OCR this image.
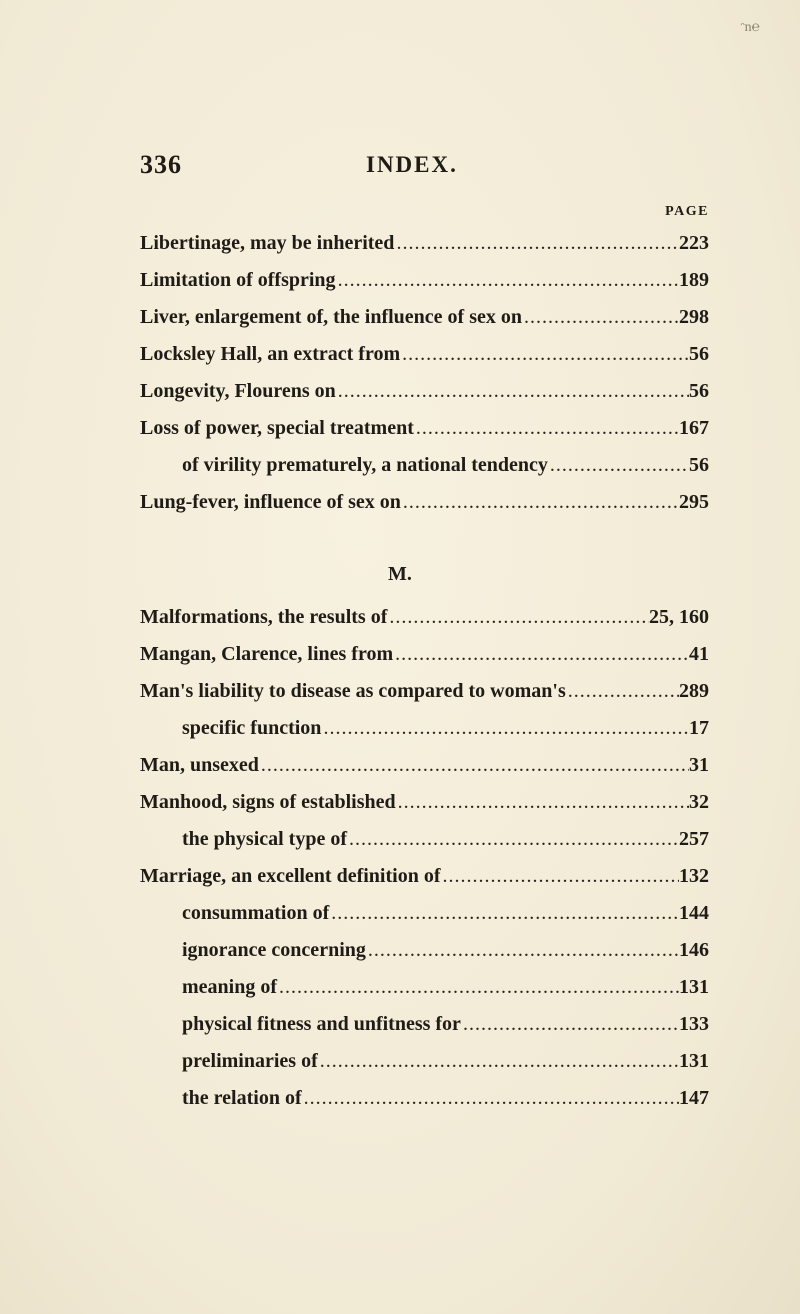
ᵔn℮
336	INDEX.
PAGE
Libertinage, may be inherited .....	223
Limitation of offspring .....	189
Liver, enlargement of, the influence of sex on .....	298
Locksley Hall, an extract from .....	56
Longevity, Flourens on .....	56
Loss of power, special treatment .....	167
of virility prematurely, a national tendency .....	56
Lung-fever, influence of sex on .....	295
M.
Malformations, the results of .....	25, 160
Mangan, Clarence, lines from .....	41
Man's liability to disease as compared to woman's .....	289
specific function .....	17
Man, unsexed .....	31
Manhood, signs of established .....	32
the physical type of .....	257
Marriage, an excellent definition of .....	132
consummation of .....	144
ignorance concerning .....	146
meaning of .....	131
physical fitness and unfitness for .....	133
preliminaries of .....	131
the relation of .....	147
